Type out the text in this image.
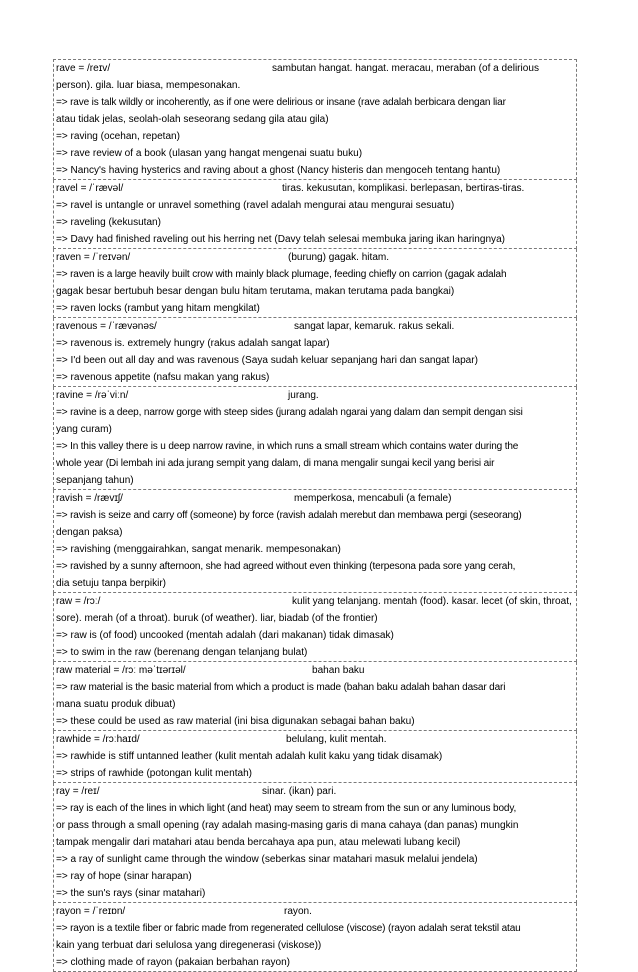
rave = /reɪv/	sambutan hangat. hangat. meracau, meraban (of a delirious
person). gila. luar biasa, mempesonakan.
=> rave is talk wildly or incoherently, as if one were delirious or insane (rave adalah berbicara dengan liar
atau tidak jelas, seolah-olah seseorang sedang gila atau gila)
=> raving (ocehan, repetan)
=> rave review of a book (ulasan yang hangat mengenai suatu buku)
=> Nancy's having hysterics and raving about a ghost (Nancy histeris dan mengoceh tentang hantu)
ravel = /ˈrævəl/	tiras. kekusutan, komplikasi. berlepasan, bertiras-tiras.
=> ravel is untangle or unravel something (ravel adalah mengurai atau mengurai sesuatu)
=> raveling (kekusutan)
=> Davy had finished raveling out his herring net (Davy telah selesai membuka jaring ikan haringnya)
raven = /ˈreɪvən/	(burung) gagak. hitam.
=> raven is a large heavily built crow with mainly black plumage, feeding chiefly on carrion (gagak adalah
gagak besar bertubuh besar dengan bulu hitam terutama, makan terutama pada bangkai)
=> raven locks (rambut yang hitam mengkilat)
ravenous = /ˈrævənəs/	sangat lapar, kemaruk. rakus sekali.
=> ravenous is. extremely hungry (rakus adalah sangat lapar)
=> I'd been out all day and was ravenous (Saya sudah keluar sepanjang hari dan sangat lapar)
=> ravenous appetite (nafsu makan yang rakus)
ravine = /rəˈviːn/	jurang.
=> ravine is a deep, narrow gorge with steep sides (jurang adalah ngarai yang dalam dan sempit dengan sisi
yang curam)
=> In this valley there is u deep narrow ravine, in which runs a small stream which contains water during the
whole year (Di lembah ini ada jurang sempit yang dalam, di mana mengalir sungai kecil yang berisi air
sepanjang tahun)
ravish = /rævɪʃ/	memperkosa, mencabuli (a female)
=> ravish is seize and carry off (someone) by force (ravish adalah merebut dan membawa pergi (seseorang)
dengan paksa)
=> ravishing (menggairahkan, sangat menarik. mempesonakan)
=> ravished by a sunny afternoon, she had agreed without even thinking (terpesona pada sore yang cerah,
dia setuju tanpa berpikir)
raw = /rɔː/	kulit yang telanjang. mentah (food). kasar. lecet (of skin, throat,
sore). merah (of a throat). buruk (of weather). liar, biadab (of the frontier)
=> raw is (of food) uncooked (mentah adalah (dari makanan) tidak dimasak)
=> to swim in the raw (berenang dengan telanjang bulat)
raw material = /rɔː məˈtɪərɪəl/	bahan baku
=> raw material is the basic material from which a product is made (bahan baku adalah bahan dasar dari
mana suatu produk dibuat)
=> these could be used as raw material (ini bisa digunakan sebagai bahan baku)
rawhide = /rɔːhaɪd/	belulang, kulit mentah.
=> rawhide is stiff untanned leather (kulit mentah adalah kulit kaku yang tidak disamak)
=> strips of rawhide (potongan kulit mentah)
ray = /reɪ/	sinar. (ikan) pari.
=> ray is each of the lines in which light (and heat) may seem to stream from the sun or any luminous body,
or pass through a small opening (ray adalah masing-masing garis di mana cahaya (dan panas) mungkin
tampak mengalir dari matahari atau benda bercahaya apa pun, atau melewati lubang kecil)
=> a ray of sunlight came through the window (seberkas sinar matahari masuk melalui jendela)
=> ray of hope (sinar harapan)
=> the sun's rays (sinar matahari)
rayon = /ˈreɪɒn/	rayon.
=> rayon is a textile fiber or fabric made from regenerated cellulose (viscose) (rayon adalah serat tekstil atau
kain yang terbuat dari selulosa yang diregenerasi (viskose))
=> clothing made of rayon (pakaian berbahan rayon)
